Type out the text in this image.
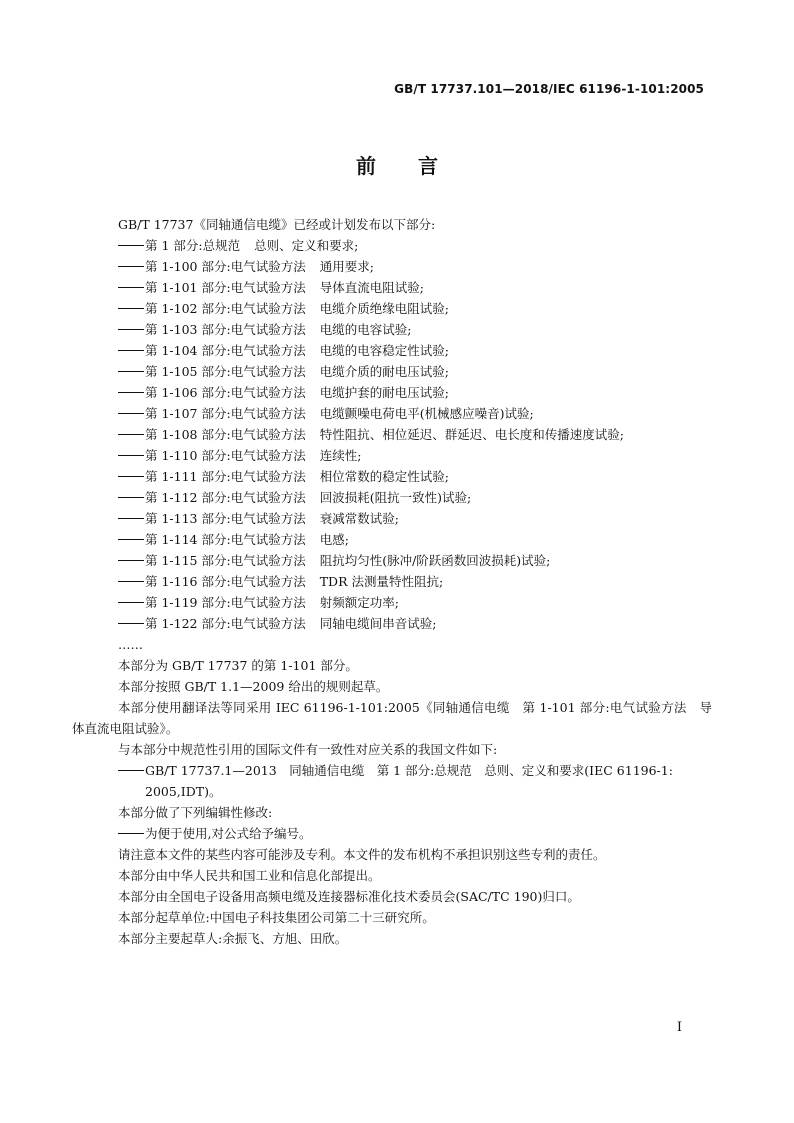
GB/T 17737.101—2018/IEC 61196-1-101:2005
前言
GB/T 17737《同轴通信电缆》已经或计划发布以下部分:
第 1 部分:总规范 总则、定义和要求;
第 1-100 部分:电气试验方法 通用要求;
第 1-101 部分:电气试验方法 导体直流电阻试验;
第 1-102 部分:电气试验方法 电缆介质绝缘电阻试验;
第 1-103 部分:电气试验方法 电缆的电容试验;
第 1-104 部分:电气试验方法 电缆的电容稳定性试验;
第 1-105 部分:电气试验方法 电缆介质的耐电压试验;
第 1-106 部分:电气试验方法 电缆护套的耐电压试验;
第 1-107 部分:电气试验方法 电缆颤噪电荷电平(机械感应噪音)试验;
第 1-108 部分:电气试验方法 特性阻抗、相位延迟、群延迟、电长度和传播速度试验;
第 1-110 部分:电气试验方法 连续性;
第 1-111 部分:电气试验方法 相位常数的稳定性试验;
第 1-112 部分:电气试验方法 回波损耗(阻抗一致性)试验;
第 1-113 部分:电气试验方法 衰减常数试验;
第 1-114 部分:电气试验方法 电感;
第 1-115 部分:电气试验方法 阻抗均匀性(脉冲/阶跃函数回波损耗)试验;
第 1-116 部分:电气试验方法 TDR 法测量特性阻抗;
第 1-119 部分:电气试验方法 射频额定功率;
第 1-122 部分:电气试验方法 同轴电缆间串音试验;
……
本部分为 GB/T 17737 的第 1-101 部分。
本部分按照 GB/T 1.1—2009 给出的规则起草。
本部分使用翻译法等同采用 IEC 61196-1-101:2005《同轴通信电缆　第 1-101 部分:电气试验方法　导体直流电阻试验》。
与本部分中规范性引用的国际文件有一致性对应关系的我国文件如下:
GB/T 17737.1—2013　同轴通信电缆　第 1 部分:总规范　总则、定义和要求(IEC 61196-1:
2005,IDT)。
本部分做了下列编辑性修改:
为便于使用,对公式给予编号。
请注意本文件的某些内容可能涉及专利。本文件的发布机构不承担识别这些专利的责任。
本部分由中华人民共和国工业和信息化部提出。
本部分由全国电子设备用高频电缆及连接器标准化技术委员会(SAC/TC 190)归口。
本部分起草单位:中国电子科技集团公司第二十三研究所。
本部分主要起草人:余振飞、方旭、田欣。
I
